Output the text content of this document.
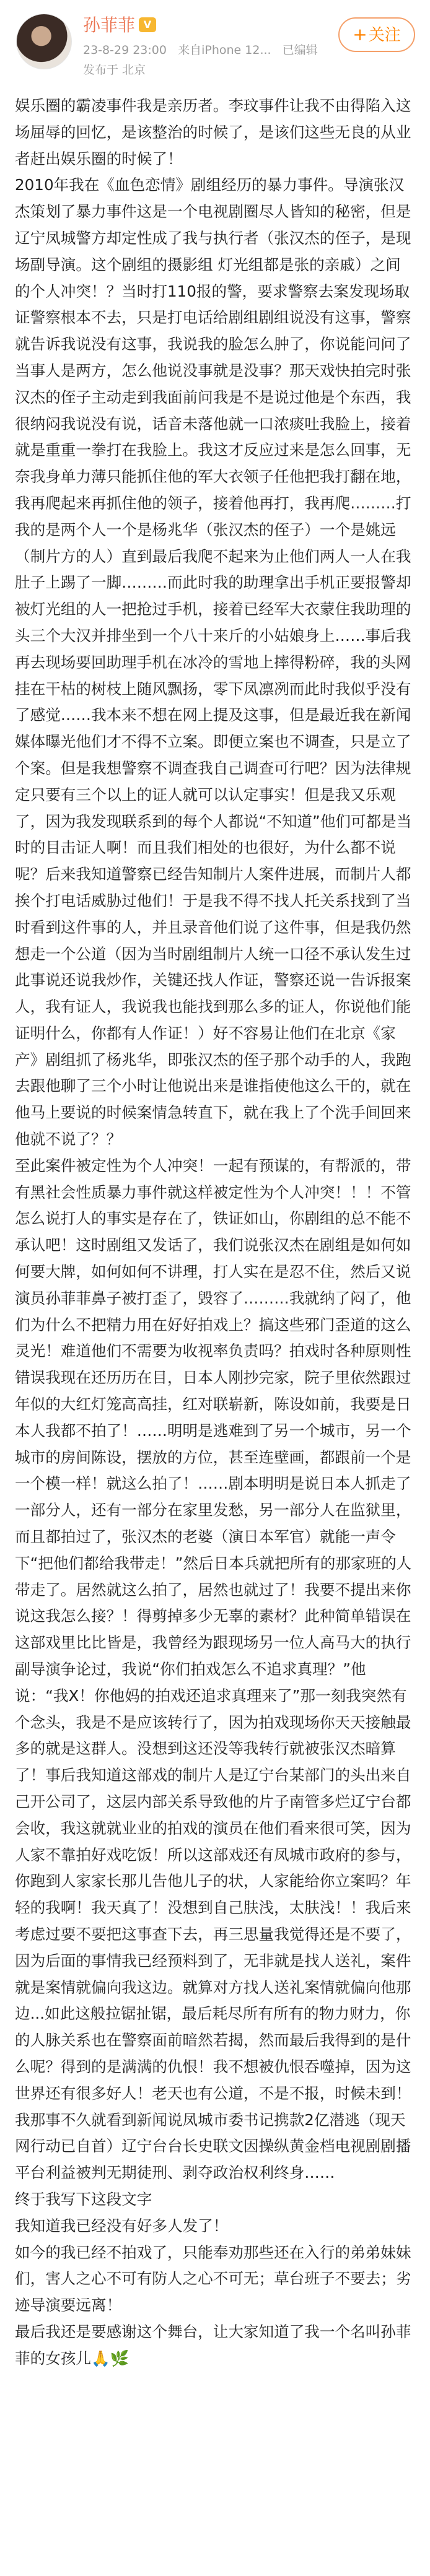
孙菲菲 V
23-8-29 23:00 来自iPhone 12... 已编辑
发布于 北京
+关注

娱乐圈的霸凌事件我是亲历者。李玟事件让我不由得陷入这场屈辱的回忆，是该整治的时候了，是该们这些无良的从业者赶出娱乐圈的时候了！
2010年我在《血色恋情》剧组经历的暴力事件。导演张汉杰策划了暴力事件这是一个电视剧圈尽人皆知的秘密，但是辽宁凤城警方却定性成了我与执行者（张汉杰的侄子，是现场副导演。这个剧组的摄影组 灯光组都是张的亲戚）之间的个人冲突！？当时打110报的警，要求警察去案发现场取证警察根本不去，只是打电话给剧组剧组说没有这事，警察就告诉我说没有这事，我说我的脸怎么肿了，你说能问问了当事人是两方，怎么他说没事就是没事？那天戏快拍完时张汉杰的侄子主动走到我面前问我是不是说过他是个东西，我很纳闷我说没有说，话音未落他就一口浓痰吐我脸上，接着就是重重一拳打在我脸上。我这才反应过来是怎么回事，无奈我身单力薄只能抓住他的军大衣领子任他把我打翻在地，我再爬起来再抓住他的领子，接着他再打，我再爬………打我的是两个人一个是杨兆华（张汉杰的侄子）一个是姚远（制片方的人）直到最后我爬不起来为止他们两人一人在我肚子上踢了一脚………而此时我的助理拿出手机正要报警却被灯光组的人一把抢过手机，接着已经军大衣蒙住我助理的头三个大汉并排坐到一个八十来斤的小姑娘身上……事后我再去现场要回助理手机在冰冷的雪地上摔得粉碎，我的头网挂在干枯的树枝上随风飘扬，零下凤凛冽而此时我似乎没有了感觉……我本来不想在网上提及这事，但是最近我在新闻媒体曝光他们才不得不立案。即便立案也不调查，只是立了个案。但是我想警察不调查我自己调查可行吧？因为法律规定只要有三个以上的证人就可以认定事实！但是我又乐观了，因为我发现联系到的每个人都说“不知道”他们可都是当时的目击证人啊！而且我们相处的也很好，为什么都不说呢？后来我知道警察已经告知制片人案件进展，而制片人都挨个打电话威胁过他们！于是我不得不找人托关系找到了当时看到这件事的人，并且录音他们说了这件事，但是我仍然想走一个公道（因为当时剧组制片人统一口径不承认发生过此事说还说我炒作，关键还找人作证，警察还说一告诉报案人，我有证人，我说我也能找到那么多的证人，你说他们能证明什么，你都有人作证！）好不容易让他们在北京《家产》剧组抓了杨兆华，即张汉杰的侄子那个动手的人，我跑去跟他聊了三个小时让他说出来是谁指使他这么干的，就在他马上要说的时候案情急转直下，就在我上了个洗手间回来他就不说了？？
至此案件被定性为个人冲突！一起有预谋的，有帮派的，带有黑社会性质暴力事件就这样被定性为个人冲突！！！不管怎么说打人的事实是存在了，铁证如山，你剧组的总不能不承认吧！这时剧组又发话了，我们说张汉杰在剧组是如何如何要大牌，如何如何不讲理，打人实在是忍不住，然后又说演员孙菲菲鼻子被打歪了，毁容了………我就纳了闷了，他们为什么不把精力用在好好拍戏上？搞这些邪门歪道的这么灵光！难道他们不需要为收视率负责吗？拍戏时各种原则性错误我现在还历历在目，日本人刚抄完家，院子里依然跟过年似的大红灯笼高高挂，红对联崭新，陈设如前，我要是日本人我都不拍了！……明明是逃难到了另一个城市，另一个城市的房间陈设，摆放的方位，甚至连壁画，都跟前一个是一个模一样！就这么拍了！……剧本明明是说日本人抓走了一部分人，还有一部分在家里发愁，另一部分人在监狱里，而且都拍过了，张汉杰的老婆（演日本军官）就能一声令下“把他们都给我带走！”然后日本兵就把所有的那家班的人带走了。居然就这么拍了，居然也就过了！我要不提出来你说这我怎么接？！得剪掉多少无辜的素材？此种简单错误在这部戏里比比皆是，我曾经为跟现场另一位人高马大的执行副导演争论过，我说“你们拍戏怎么不追求真理？”他说：“我X！你他妈的拍戏还追求真理来了”那一刻我突然有个念头，我是不是应该转行了，因为拍戏现场你天天接触最多的就是这群人。没想到这还没等我转行就被张汉杰暗算了！事后我知道这部戏的制片人是辽宁台某部门的头出来自己开公司了，这层内部关系导致他的片子南管多烂辽宁台都会收，我这就就业业的拍戏的演员在他们看来很可笑，因为人家不靠拍好戏吃饭！所以这部戏还有凤城市政府的参与，你跑到人家家长那儿告他儿子的状，人家能给你立案吗？年轻的我啊！我天真了！没想到自己肤浅，太肤浅！！我后来考虑过要不要把这事查下去，再三思量我觉得还是不要了，因为后面的事情我已经预料到了，无非就是找人送礼，案件就是案情就偏向我这边。就算对方找人送礼案情就偏向他那边...如此这般拉锯扯锯，最后耗尽所有所有的物力财力，你的人脉关系也在警察面前暗然若揭，然而最后我得到的是什么呢？得到的是满满的仇恨！我不想被仇恨吞噬掉，因为这世界还有很多好人！老天也有公道，不是不报，时候未到！我那事不久就看到新闻说凤城市委书记携款2亿潜逃（现天网行动已自首）辽宁台台长史联文因操纵黄金档电视剧剧播平台利益被判无期徒刑、剥夺政治权利终身……
终于我写下这段文字
我知道我已经没有好多人发了！
如今的我已经不拍戏了，只能奉劝那些还在入行的弟弟妹妹们，害人之心不可有防人之心不可无；草台班子不要去；劣迹导演要远离！
最后我还是要感谢这个舞台，让大家知道了我一个名叫孙菲菲的女孩儿🙏🌿
